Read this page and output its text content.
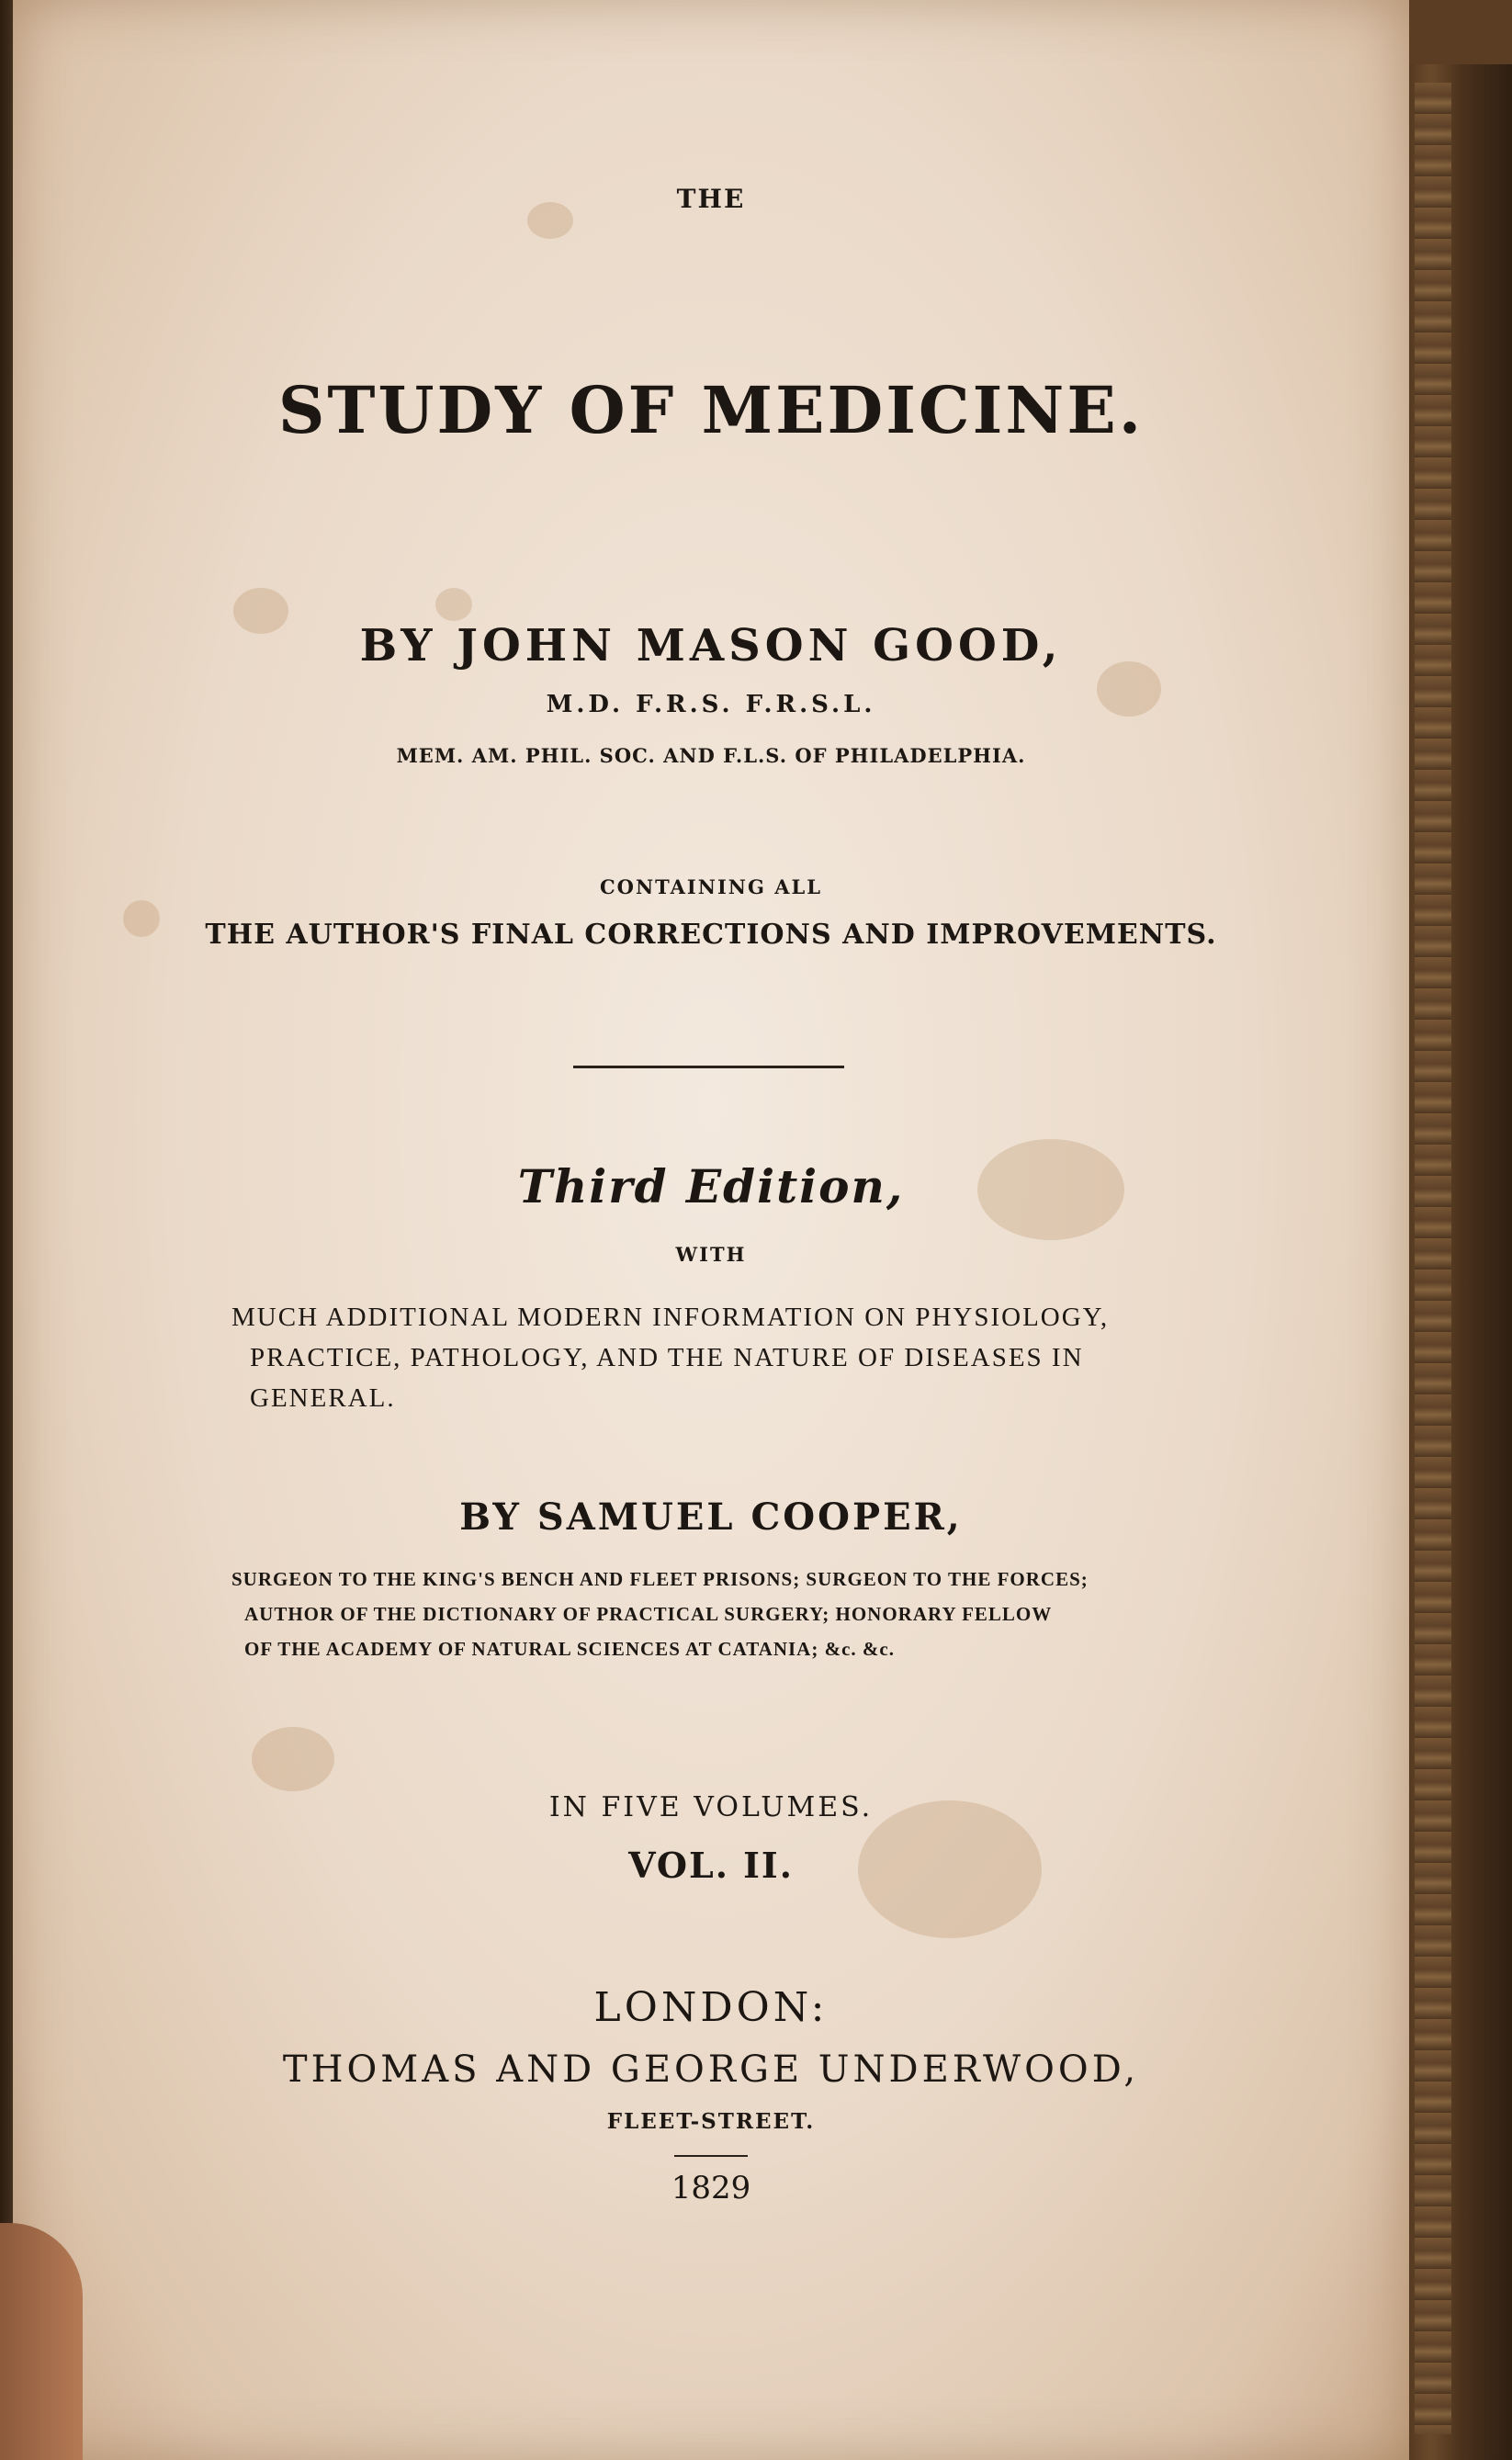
THE
STUDY OF MEDICINE.
BY JOHN MASON GOOD,
M.D. F.R.S. F.R.S.L.
MEM. AM. PHIL. SOC. AND F.L.S. OF PHILADELPHIA.
CONTAINING ALL
THE AUTHOR'S FINAL CORRECTIONS AND IMPROVEMENTS.
Third Edition,
WITH
MUCH ADDITIONAL MODERN INFORMATION ON PHYSIOLOGY,
PRACTICE, PATHOLOGY, AND THE NATURE OF DISEASES IN
GENERAL.
BY SAMUEL COOPER,
SURGEON TO THE KING'S BENCH AND FLEET PRISONS; SURGEON TO THE FORCES;
AUTHOR OF THE DICTIONARY OF PRACTICAL SURGERY; HONORARY FELLOW
OF THE ACADEMY OF NATURAL SCIENCES AT CATANIA; &c. &c.
IN FIVE VOLUMES.
VOL. II.
LONDON:
THOMAS AND GEORGE UNDERWOOD,
FLEET-STREET.
1829
